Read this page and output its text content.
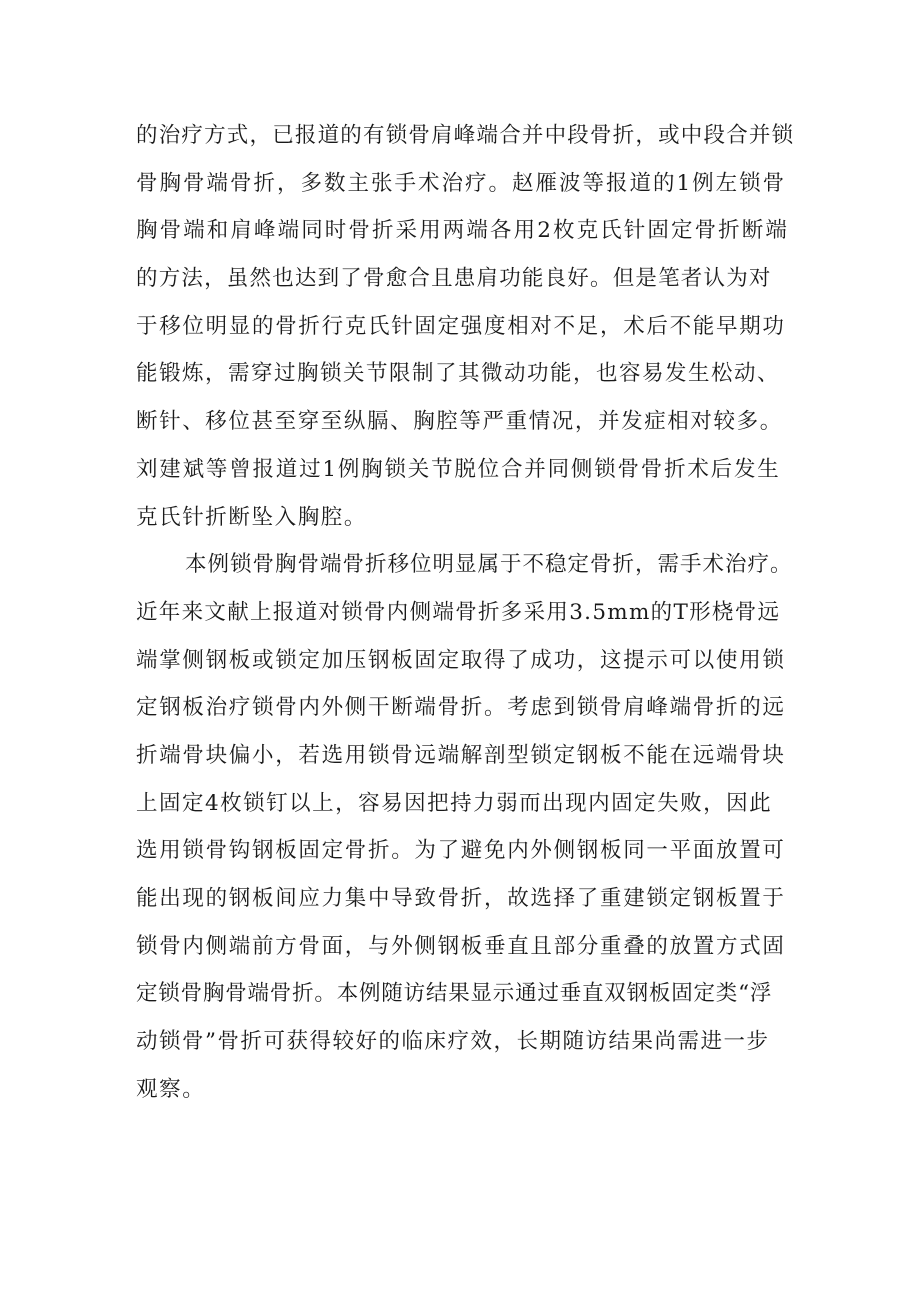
的治疗方式，已报道的有锁骨肩峰端合并中段骨折，或中段合并锁
骨胸骨端骨折，多数主张手术治疗。赵雁波等报道的1例左锁骨
胸骨端和肩峰端同时骨折采用两端各用2枚克氏针固定骨折断端
的方法，虽然也达到了骨愈合且患肩功能良好。但是笔者认为对
于移位明显的骨折行克氏针固定强度相对不足，术后不能早期功
能锻炼，需穿过胸锁关节限制了其微动功能，也容易发生松动、
断针、移位甚至穿至纵膈、胸腔等严重情况，并发症相对较多。
刘建斌等曾报道过1例胸锁关节脱位合并同侧锁骨骨折术后发生
克氏针折断坠入胸腔。
本例锁骨胸骨端骨折移位明显属于不稳定骨折，需手术治疗。
近年来文献上报道对锁骨内侧端骨折多采用3.5mm的T形桡骨远
端掌侧钢板或锁定加压钢板固定取得了成功，这提示可以使用锁
定钢板治疗锁骨内外侧干断端骨折。考虑到锁骨肩峰端骨折的远
折端骨块偏小，若选用锁骨远端解剖型锁定钢板不能在远端骨块
上固定4枚锁钉以上，容易因把持力弱而出现内固定失败，因此
选用锁骨钩钢板固定骨折。为了避免内外侧钢板同一平面放置可
能出现的钢板间应力集中导致骨折，故选择了重建锁定钢板置于
锁骨内侧端前方骨面，与外侧钢板垂直且部分重叠的放置方式固
定锁骨胸骨端骨折。本例随访结果显示通过垂直双钢板固定类“浮
动锁骨”骨折可获得较好的临床疗效，长期随访结果尚需进一步
观察。
